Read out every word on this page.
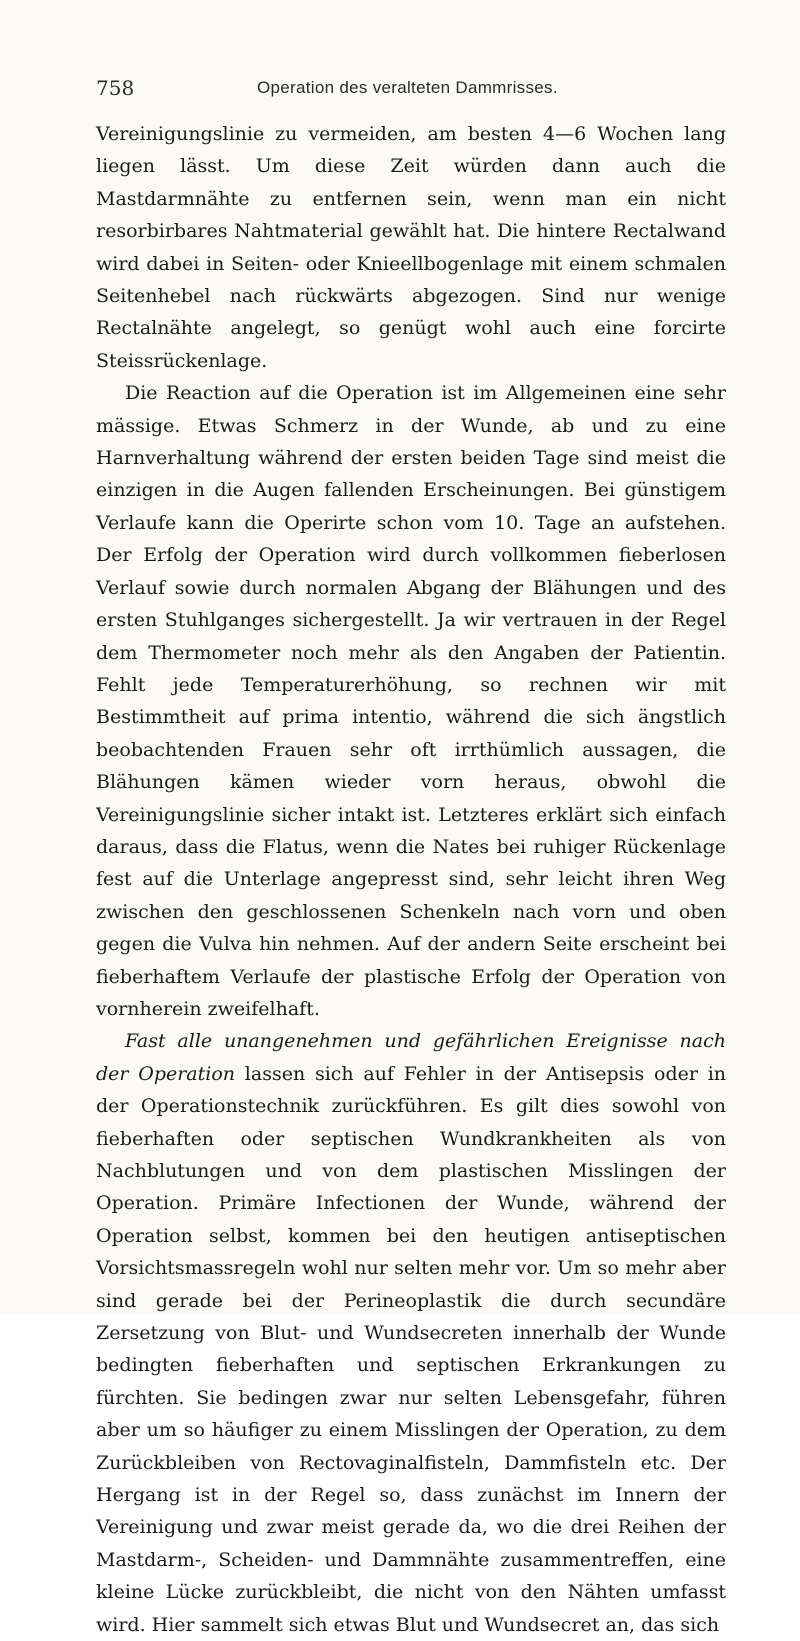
758	Operation des veralteten Dammrisses.

Vereinigungslinie zu vermeiden, am besten 4—6 Wochen lang liegen lässt. Um diese Zeit würden dann auch die Mastdarmnähte zu entfernen sein, wenn man ein nicht resorbirbares Nahtmaterial gewählt hat. Die hintere Rectalwand wird dabei in Seiten- oder Knieellbogenlage mit einem schmalen Seitenhebel nach rückwärts abgezogen. Sind nur wenige Rectalnähte angelegt, so genügt wohl auch eine forcirte Steissrückenlage.

Die Reaction auf die Operation ist im Allgemeinen eine sehr mässige. Etwas Schmerz in der Wunde, ab und zu eine Harnverhaltung während der ersten beiden Tage sind meist die einzigen in die Augen fallenden Erscheinungen. Bei günstigem Verlaufe kann die Operirte schon vom 10. Tage an aufstehen. Der Erfolg der Operation wird durch vollkommen fieberlosen Verlauf sowie durch normalen Abgang der Blähungen und des ersten Stuhlganges sichergestellt. Ja wir vertrauen in der Regel dem Thermometer noch mehr als den Angaben der Patientin. Fehlt jede Temperaturerhöhung, so rechnen wir mit Bestimmtheit auf prima intentio, während die sich ängstlich beobachtenden Frauen sehr oft irrthümlich aussagen, die Blähungen kämen wieder vorn heraus, obwohl die Vereinigungslinie sicher intakt ist. Letzteres erklärt sich einfach daraus, dass die Flatus, wenn die Nates bei ruhiger Rückenlage fest auf die Unterlage angepresst sind, sehr leicht ihren Weg zwischen den geschlossenen Schenkeln nach vorn und oben gegen die Vulva hin nehmen. Auf der andern Seite erscheint bei fieberhaftem Verlaufe der plastische Erfolg der Operation von vornherein zweifelhaft.

Fast alle unangenehmen und gefährlichen Ereignisse nach der Operation lassen sich auf Fehler in der Antisepsis oder in der Operationstechnik zurückführen. Es gilt dies sowohl von fieberhaften oder septischen Wundkrankheiten als von Nachblutungen und von dem plastischen Misslingen der Operation. Primäre Infectionen der Wunde, während der Operation selbst, kommen bei den heutigen antiseptischen Vorsichtsmassregeln wohl nur selten mehr vor. Um so mehr aber sind gerade bei der Perineoplastik die durch secundäre Zersetzung von Blut- und Wundsecreten innerhalb der Wunde bedingten fieberhaften und septischen Erkrankungen zu fürchten. Sie bedingen zwar nur selten Lebensgefahr, führen aber um so häufiger zu einem Misslingen der Operation, zu dem Zurückbleiben von Rectovaginalfisteln, Dammfisteln etc. Der Hergang ist in der Regel so, dass zunächst im Innern der Vereinigung und zwar meist gerade da, wo die drei Reihen der Mastdarm-, Scheiden- und Dammnähte zusammentreffen, eine kleine Lücke zurückbleibt, die nicht von den Nähten umfasst wird. Hier sammelt sich etwas Blut und Wundsecret an, das sich
